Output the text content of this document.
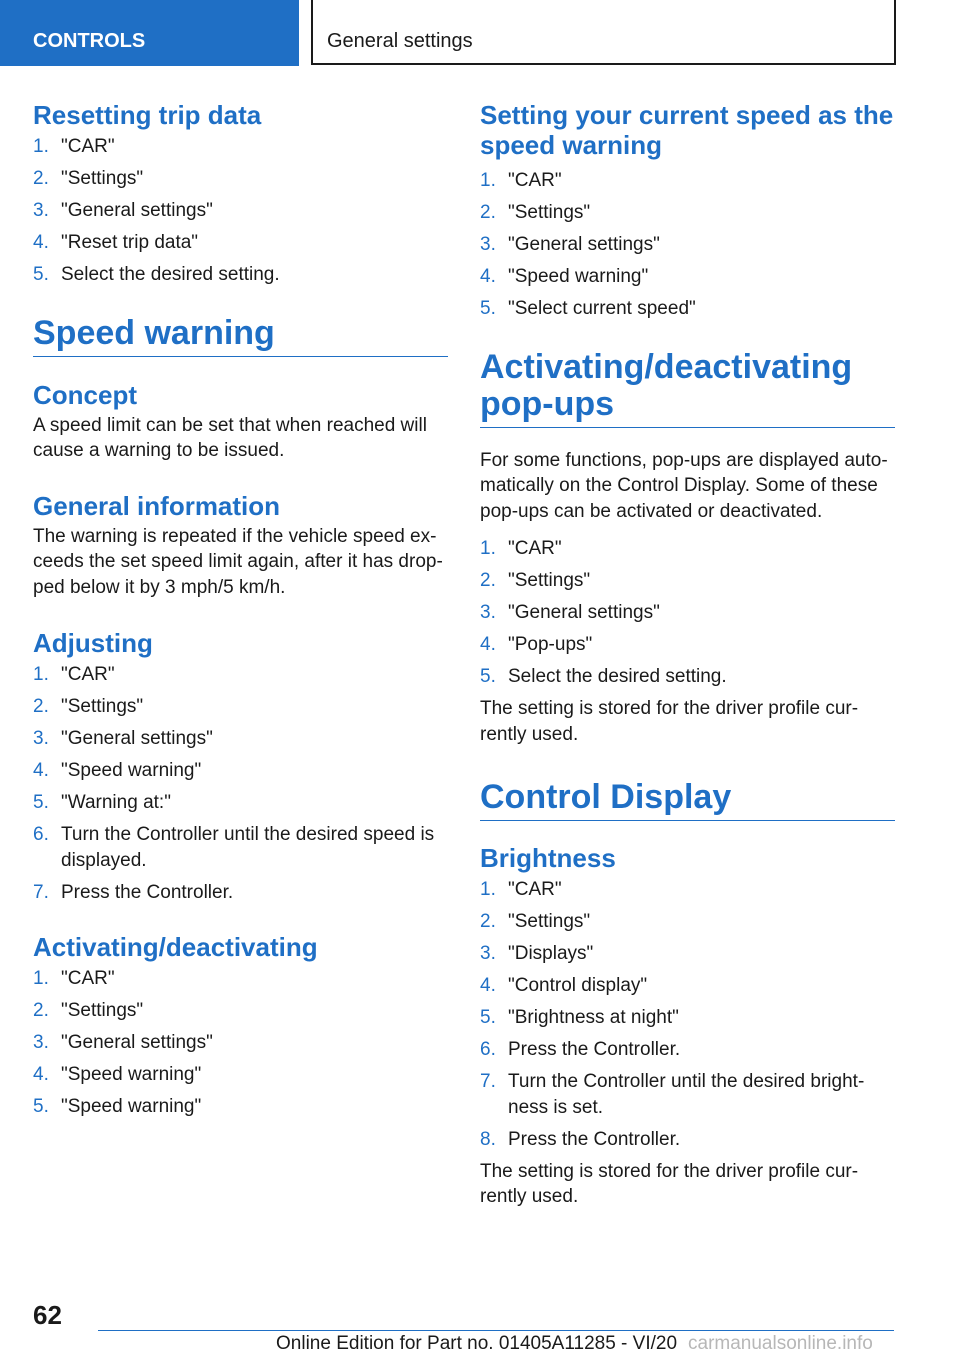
CONTROLS	General settings
Resetting trip data
1. "CAR"
2. "Settings"
3. "General settings"
4. "Reset trip data"
5. Select the desired setting.
Speed warning
Concept

A speed limit can be set that when reached will cause a warning to be issued.

General information

The warning is repeated if the vehicle speed exceeds the set speed limit again, after it has dropped below it by 3 mph/5 km/h.

Adjusting
1. "CAR"
2. "Settings"
3. "General settings"
4. "Speed warning"
5. "Warning at:"
6. Turn the Controller until the desired speed is displayed.
7. Press the Controller.
Activating/deactivating
1. "CAR"
2. "Settings"
3. "General settings"
4. "Speed warning"
5. "Speed warning"
Setting your current speed as the speed warning
1. "CAR"
2. "Settings"
3. "General settings"
4. "Speed warning"
5. "Select current speed"
Activating/deactivating pop-ups

For some functions, pop-ups are displayed automatically on the Control Display. Some of these pop-ups can be activated or deactivated.

1. "CAR"
2. "Settings"
3. "General settings"
4. "Pop-ups"
5. Select the desired setting.

The setting is stored for the driver profile currently used.

Control Display
Brightness
1. "CAR"
2. "Settings"
3. "Displays"
4. "Control display"
5. "Brightness at night"
6. Press the Controller.
7. Turn the Controller until the desired brightness is set.
8. Press the Controller.

The setting is stored for the driver profile currently used.

62
Online Edition for Part no. 01405A11285 - VI/20 carmanualsonline.info
